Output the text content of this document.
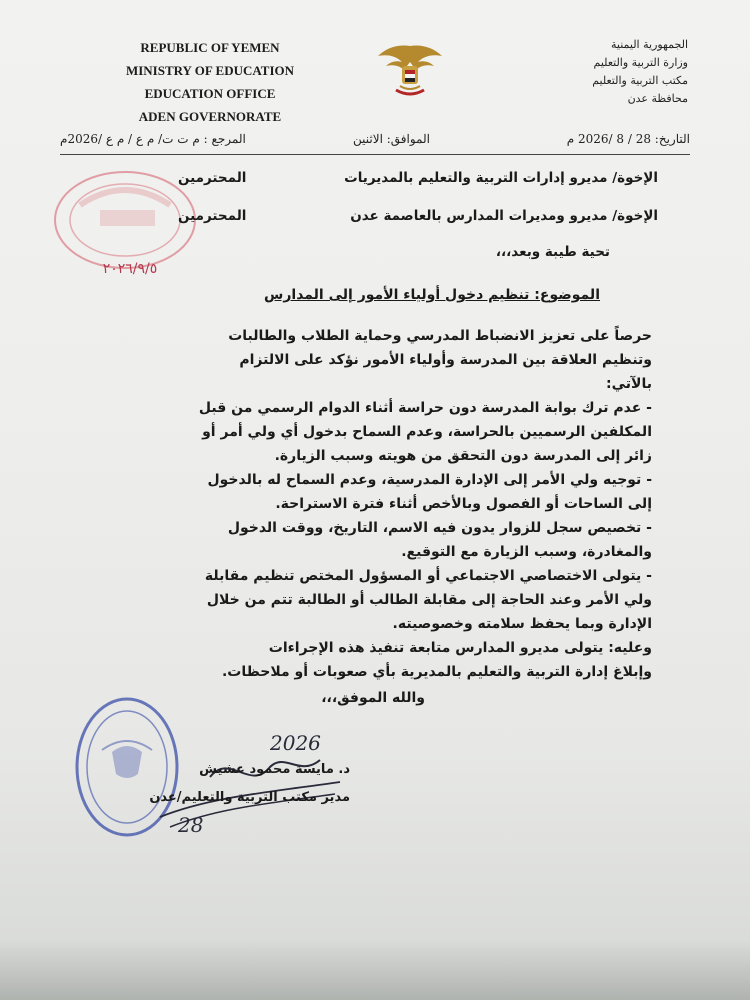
REPUBLIC OF YEMEN
MINISTRY OF EDUCATION
EDUCATION OFFICE
ADEN GOVERNORATE
الجمهورية اليمنية
وزارة التربية والتعليم
مكتب التربية والتعليم
محافظة عدن
التاريخ: 28 / 8 /2026 م
الموافق: الاثنين
المرجع : م ت ت/ م ع / م ع /2026م
٢٠٢٦/٩/٥
الإخوة/ مديرو إدارات التربية والتعليم بالمديريات
المحترمين
الإخوة/ مديرو ومديرات المدارس بالعاصمة عدن
المحترمين
تحية طيبة وبعد،،،
الموضوع: تنظيم دخول أولياء الأمور إلى المدارس
حرصاً على تعزيز الانضباط المدرسي وحماية الطلاب والطالبات
وتنظيم العلاقة بين المدرسة وأولياء الأمور نؤكد على الالتزام
بالآتي:
- عدم ترك بوابة المدرسة دون حراسة أثناء الدوام الرسمي من قبل
المكلفين الرسميين بالحراسة، وعدم السماح بدخول أي ولي أمر أو
زائر إلى المدرسة دون التحقق من هويته وسبب الزيارة.
- توجيه ولي الأمر إلى الإدارة المدرسية، وعدم السماح له بالدخول
إلى الساحات أو الفصول وبالأخص أثناء فترة الاستراحة.
- تخصيص سجل للزوار يدون فيه الاسم، التاريخ، ووقت الدخول
والمغادرة، وسبب الزيارة مع التوقيع.
- يتولى الاختصاصي الاجتماعي أو المسؤول المختص تنظيم مقابلة
ولي الأمر وعند الحاجة إلى مقابلة الطالب أو الطالبة تتم من خلال
الإدارة وبما يحفظ سلامته وخصوصيته.
وعليه: يتولى مديرو المدارس متابعة تنفيذ هذه الإجراءات
وإبلاغ إدارة التربية والتعليم بالمديرية بأي صعوبات أو ملاحظات.
والله الموفق،،،
2026
28
د. مايسة محمود عشيش
مدير مكتب التربية والتعليم/عدن
